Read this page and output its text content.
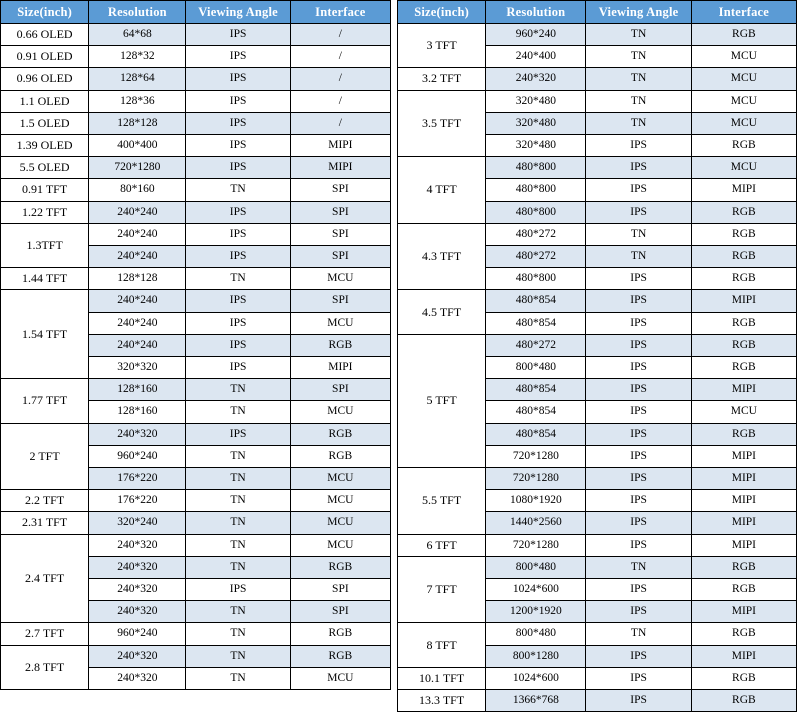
Size(inch)	Resolution	Viewing Angle	Interface
0.66 OLED	64*68	IPS	/
0.91 OLED	128*32	IPS	/
0.96 OLED	128*64	IPS	/
1.1 OLED	128*36	IPS	/
1.5 OLED	128*128	IPS	/
1.39 OLED	400*400	IPS	MIPI
5.5 OLED	720*1280	IPS	MIPI
0.91 TFT	80*160	TN	SPI
1.22 TFT	240*240	IPS	SPI
1.3TFT	240*240	IPS	SPI
	240*240	IPS	SPI
1.44 TFT	128*128	TN	MCU
1.54 TFT	240*240	IPS	SPI
	240*240	IPS	MCU
	240*240	IPS	RGB
	320*320	IPS	MIPI
1.77 TFT	128*160	TN	SPI
	128*160	TN	MCU
2 TFT	240*320	IPS	RGB
	960*240	TN	RGB
	176*220	TN	MCU
2.2 TFT	176*220	TN	MCU
2.31 TFT	320*240	TN	MCU
2.4 TFT	240*320	TN	MCU
	240*320	TN	RGB
	240*320	IPS	SPI
	240*320	TN	SPI
2.7 TFT	960*240	TN	RGB
2.8 TFT	240*320	TN	RGB
	240*320	TN	MCU
Size(inch)	Resolution	Viewing Angle	Interface
3 TFT	960*240	TN	RGB
	240*400	TN	MCU
3.2 TFT	240*320	TN	MCU
3.5 TFT	320*480	TN	MCU
	320*480	TN	MCU
	320*480	IPS	RGB
4 TFT	480*800	IPS	MCU
	480*800	IPS	MIPI
	480*800	IPS	RGB
4.3 TFT	480*272	TN	RGB
	480*272	TN	RGB
	480*800	IPS	RGB
4.5 TFT	480*854	IPS	MIPI
	480*854	IPS	RGB
5 TFT	480*272	IPS	RGB
	800*480	IPS	RGB
	480*854	IPS	MIPI
	480*854	IPS	MCU
	480*854	IPS	RGB
	720*1280	IPS	MIPI
5.5 TFT	720*1280	IPS	MIPI
	1080*1920	IPS	MIPI
	1440*2560	IPS	MIPI
6 TFT	720*1280	IPS	MIPI
7 TFT	800*480	TN	RGB
	1024*600	IPS	RGB
	1200*1920	IPS	MIPI
8 TFT	800*480	TN	RGB
	800*1280	IPS	MIPI
10.1 TFT	1024*600	IPS	RGB
13.3 TFT	1366*768	IPS	RGB
